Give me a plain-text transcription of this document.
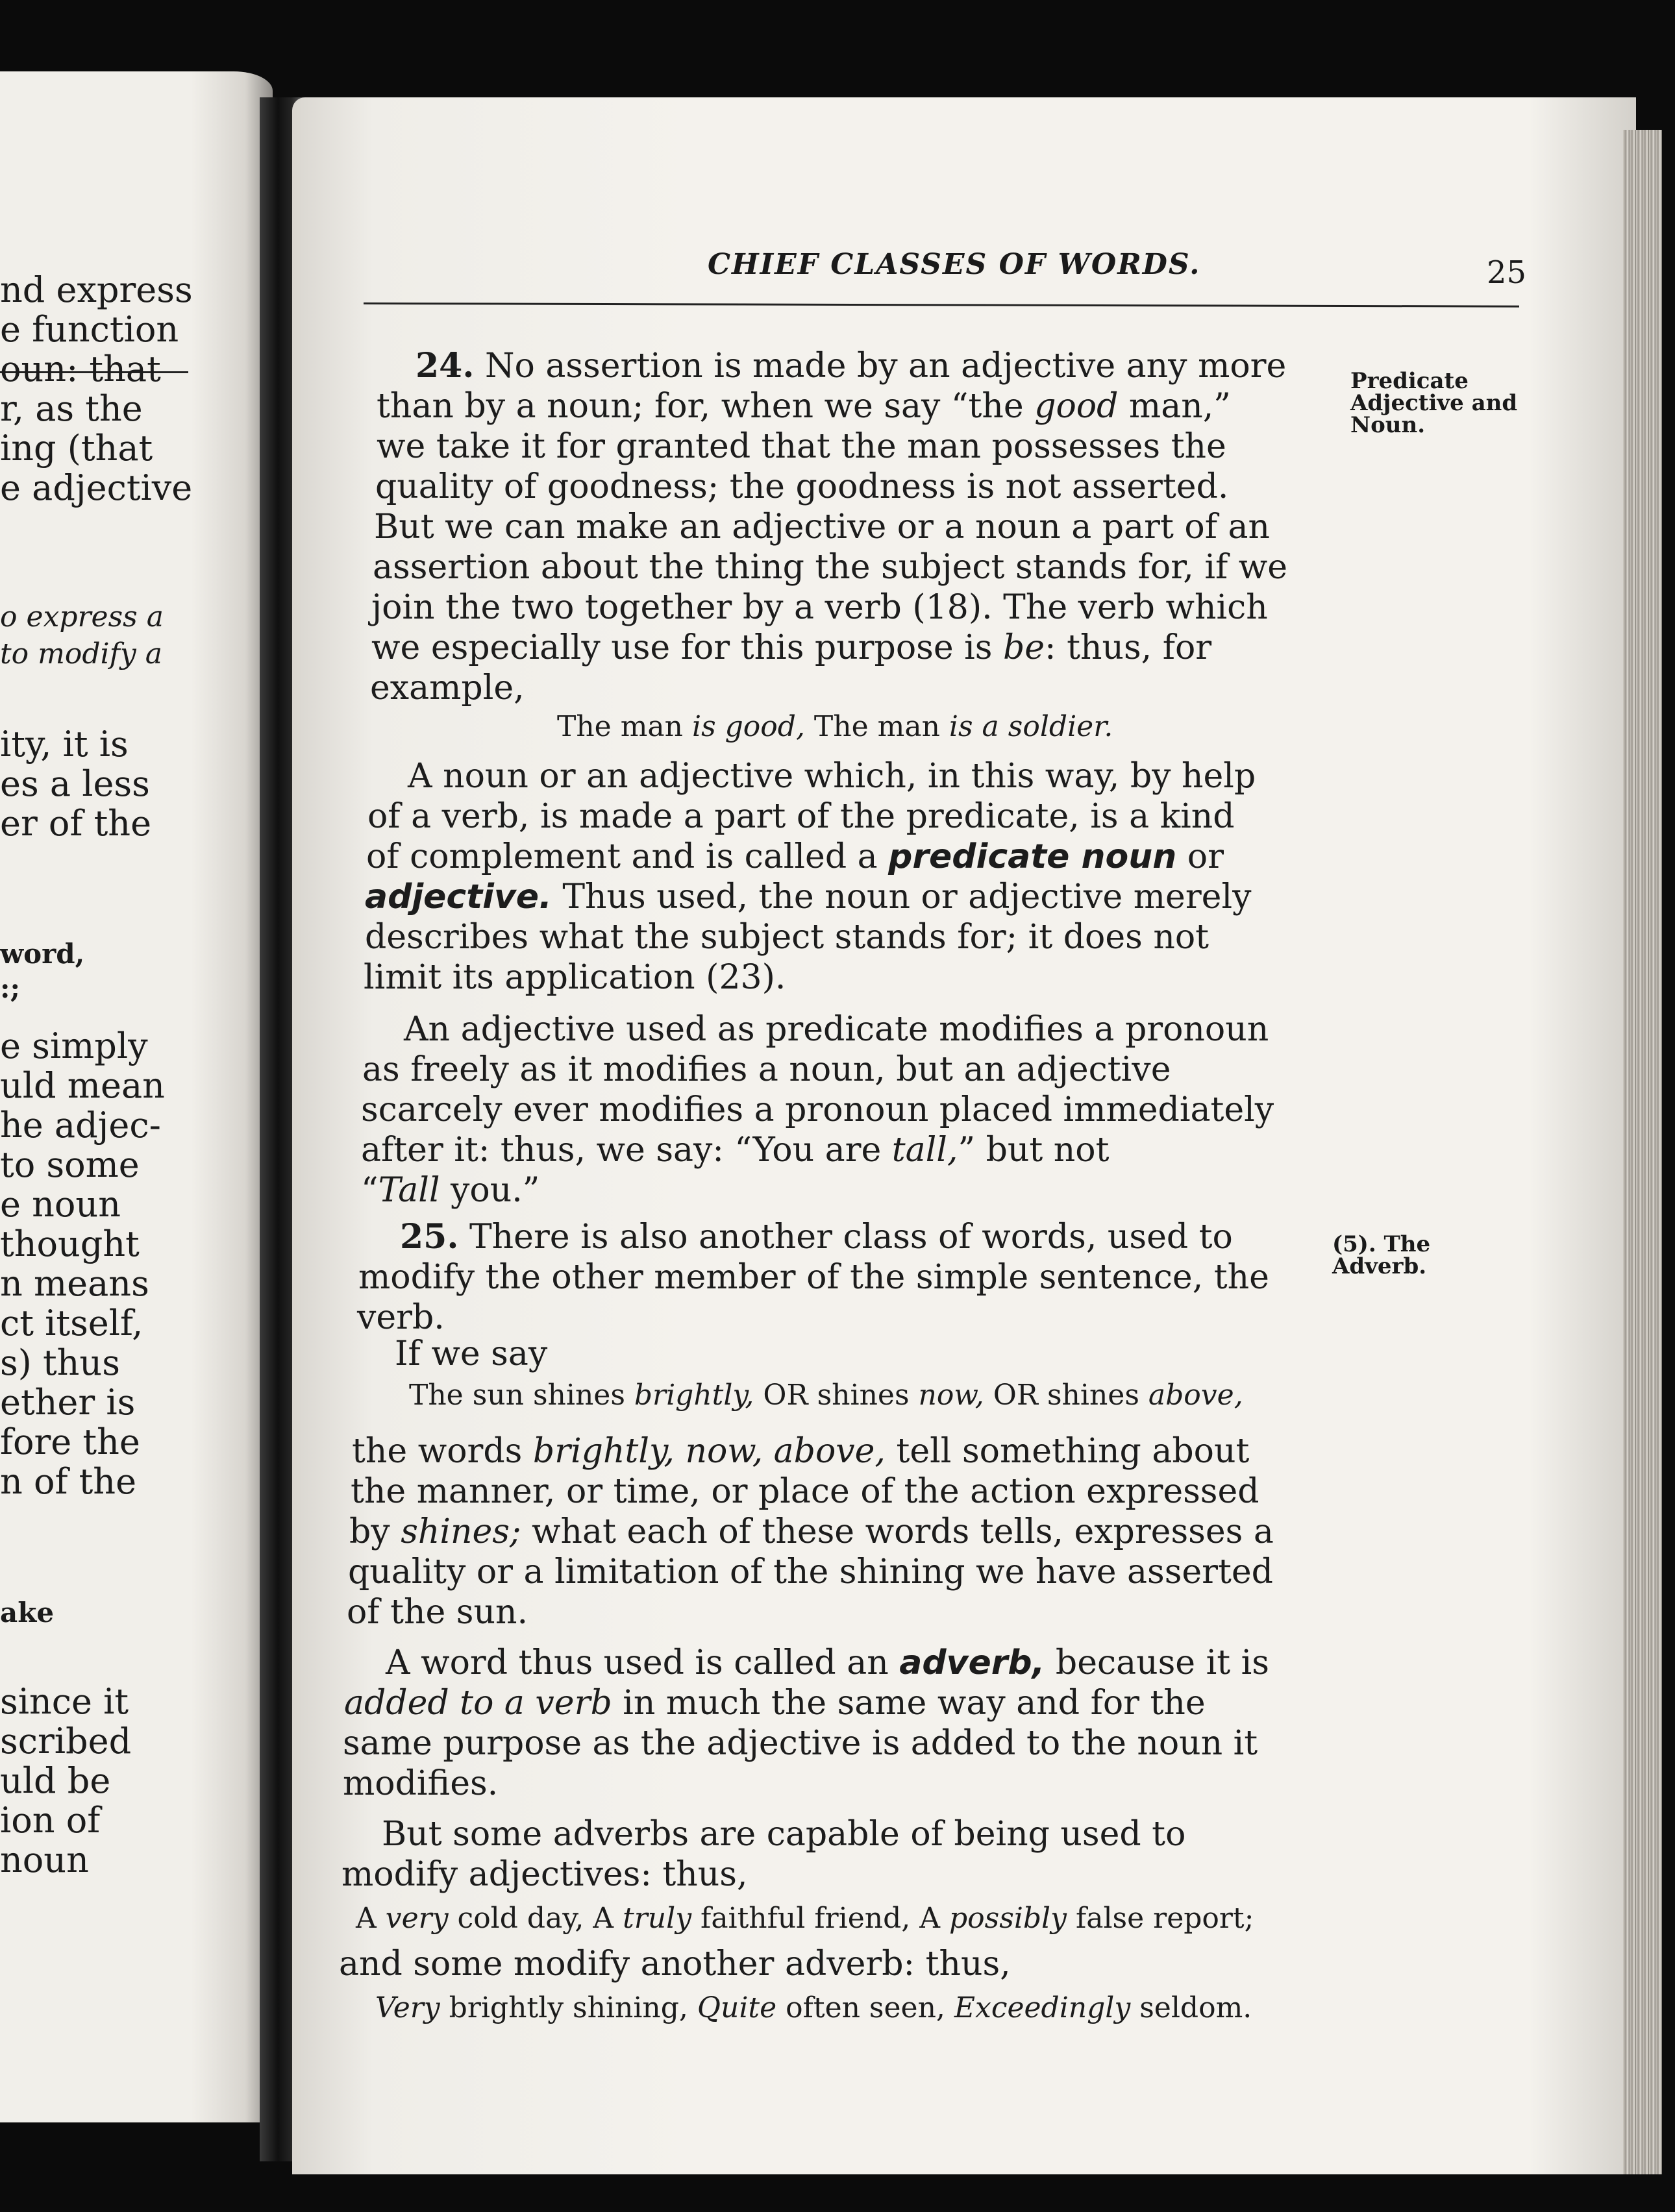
nd express
e function
oun: that
r, as the
ing (that
e adjective
o express a
to modify a
ity, it is
es a less
er of the
word,
:;
e simply
uld mean
he adjec-
to some
e noun
thought
n means
ct itself,
s) thus
ether is
fore the
n of the
ake
since it
scribed
uld be
ion of
noun
CHIEF CLASSES OF WORDS.	25
Predicate
Adjective and
Noun.
(5). The
Adverb.
24. No assertion is made by an adjective any more
than by a noun; for, when we say “the good man,”
we take it for granted that the man possesses the
quality of goodness; the goodness is not asserted.
But we can make an adjective or a noun a part of an
assertion about the thing the subject stands for, if we
join the two together by a verb (18). The verb which
we especially use for this purpose is be: thus, for
example,
The man is good, The man is a soldier.
A noun or an adjective which, in this way, by help
of a verb, is made a part of the predicate, is a kind
of complement and is called a predicate noun or
adjective. Thus used, the noun or adjective merely
describes what the subject stands for; it does not
limit its application (23).
An adjective used as predicate modifies a pronoun
as freely as it modifies a noun, but an adjective
scarcely ever modifies a pronoun placed immediately
after it: thus, we say: “You are tall,” but not
“Tall you.”
25. There is also another class of words, used to
modify the other member of the simple sentence, the
verb.
If we say
The sun shines brightly, OR shines now, OR shines above,
the words brightly, now, above, tell something about
the manner, or time, or place of the action expressed
by shines; what each of these words tells, expresses a
quality or a limitation of the shining we have asserted
of the sun.
A word thus used is called an adverb, because it is
added to a verb in much the same way and for the
same purpose as the adjective is added to the noun it
modifies.
But some adverbs are capable of being used to
modify adjectives: thus,
A very cold day, A truly faithful friend, A possibly false report;
and some modify another adverb: thus,
Very brightly shining, Quite often seen, Exceedingly seldom.
